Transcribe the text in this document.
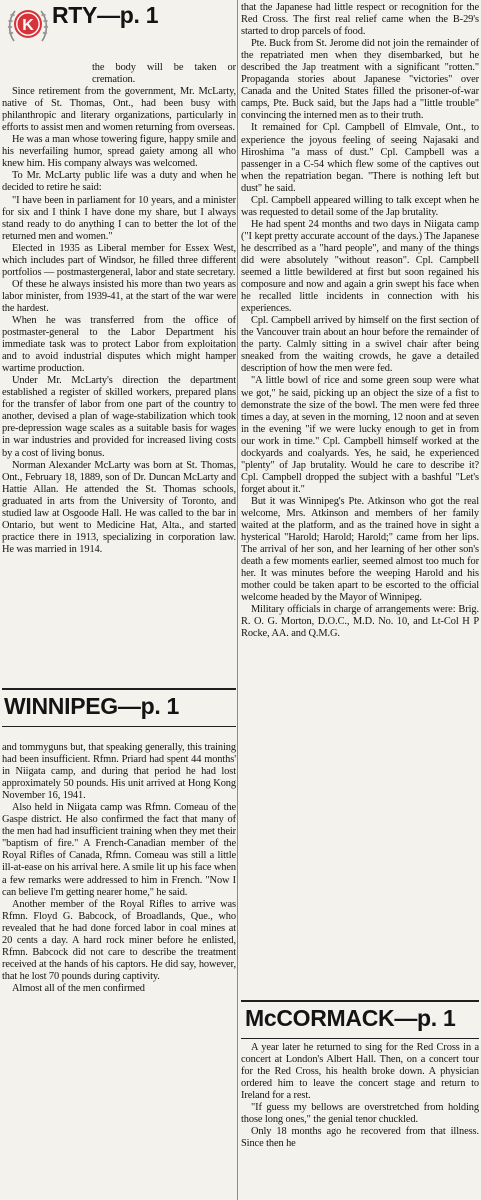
K RTY—p. 1

the body will be taken or cremation.

Since retirement from the government, Mr. McLarty, native of St. Thomas, Ont., had been busy with philanthropic and literary organizations, particularly in efforts to assist men and women returning from overseas.

He was a man whose towering figure, happy smile and his neverfailing humor, spread gaiety among all who knew him. His company always was welcomed.

To Mr. McLarty public life was a duty and when he decided to retire he said:

"I have been in parliament for 10 years, and a minister for six and I think I have done my share, but I always stand ready to do anything I can to better the lot of the returned men and women."

Elected in 1935 as Liberal member for Essex West, which includes part of Windsor, he filled three different portfolios — postmastergeneral, labor and state secretary.

Of these he always insisted his more than two years as labor minister, from 1939-41, at the start of the war were the hardest.

When he was transferred from the office of postmaster-general to the Labor Department his immediate task was to protect Labor from exploitation and to avoid industrial disputes which might hamper wartime production.

Under Mr. McLarty's direction the department established a register of skilled workers, prepared plans for the transfer of labor from one part of the country to another, devised a plan of wage-stabilization which took pre-depression wage scales as a suitable basis for wages in war industries and provided for increased living costs by a cost of living bonus.

Norman Alexander McLarty was born at St. Thomas, Ont., February 18, 1889, son of Dr. Duncan McLarty and Hattie Allan. He attended the St. Thomas schools, graduated in arts from the University of Toronto, and studied law at Osgoode Hall. He was called to the bar in Ontario, but went to Medicine Hat, Alta., and started practice there in 1913, specializing in corporation law. He was married in 1914.

WINNIPEG—p. 1

and tommyguns but, that speaking generally, this training had been insufficient. Rfmn. Priard had spent 44 months' in Niigata camp, and during that period he had lost approximately 50 pounds. His unit arrived at Hong Kong November 16, 1941.

Also held in Niigata camp was Rfmn. Comeau of the Gaspe district. He also confirmed the fact that many of the men had had insufficient training when they met their "baptism of fire." A French-Canadian member of the Royal Rifles of Canada, Rfmn. Comeau was still a little ill-at-ease on his arrival here. A smile lit up his face when a few remarks were addressed to him in French. "Now I can believe I'm getting nearer home," he said.

Another member of the Royal Rifles to arrive was Rfmn. Floyd G. Babcock, of Broadlands, Que., who revealed that he had done forced labor in coal mines at 20 cents a day. A hard rock miner before he enlisted, Rfmn. Babcock did not care to describe the treatment received at the hands of his captors. He did say, however, that he lost 70 pounds during captivity.

Almost all of the men confirmed

that the Japanese had little respect or recognition for the Red Cross. The first real relief came when the B-29's started to drop parcels of food.

Pte. Buck from St. Jerome did not join the remainder of the repatriated men when they disembarked, but he described the Jap treatment with a significant "rotten." Propaganda stories about Japanese "victories" over Canada and the United States filled the prisoner-of-war camps, Pte. Buck said, but the Japs had a "little trouble" convincing the interned men as to their truth.

It remained for Cpl. Campbell of Elmvale, Ont., to experience the joyous feeling of seeing Najasaki and Hiroshima "a mass of dust." Cpl. Campbell was a passenger in a C-54 which flew some of the captives out when the repatriation began. "There is nothing left but dust" he said.

Cpl. Campbell appeared willing to talk except when he was requested to detail some of the Jap brutality.

He had spent 24 months and two days in Niigata camp ("I kept pretty accurate account of the days.) The Japanese he descrribed as a "hard people", and many of the things did were absolutely "without reason". Cpl. Campbell seemed a little bewildered at first but soon regained his composure and now and again a grin swept his face when he recalled little incidents in connection with his experiences.

Cpl. Campbell arrived by himself on the first section of the Vancouver train about an hour before the remainder of the party. Calmly sitting in a swivel chair after being sneaked from the waiting crowds, he gave a detailed description of how the men were fed.

"A little bowl of rice and some green soup were what we got," he said, picking up an object the size of a fist to demonstrate the size of the bowl. The men were fed three times a day, at seven in the morning, 12 noon and at seven in the evening "if we were lucky enough to get in from our work in time." Cpl. Campbell himself worked at the dockyards and coalyards. Yes, he said, he experienced "plenty" of Jap brutality. Would he care to describe it? Cpl. Campbell dropped the subject with a bashful "Let's forget about it."

But it was Winnipeg's Pte. Atkinson who got the real welcome, Mrs. Atkinson and members of her family waited at the platform, and as the trained hove in sight a hysterical "Harold; Harold; Harold;" came from her lips. The arrival of her son, and her learning of her other son's death a few moments earlier, seemed almost too much for her. It was minutes before the weeping Harold and his mother could be taken apart to be escorted to the official welcome headed by the Mayor of Winnipeg.

Military officials in charge of arrangements were: Brig. R. O. G. Morton, D.O.C., M.D. No. 10, and Lt-Col H P Rocke, AA. and Q.M.G.

McCORMACK—p. 1

A year later he returned to sing for the Red Cross in a concert at London's Albert Hall. Then, on a concert tour for the Red Cross, his health broke down. A physician ordered him to leave the concert stage and return to Ireland for a rest.

"If guess my bellows are overstretched from holding those long ones," the genial tenor chuckled.

Only 18 months ago he recovered from that illness. Since then he
